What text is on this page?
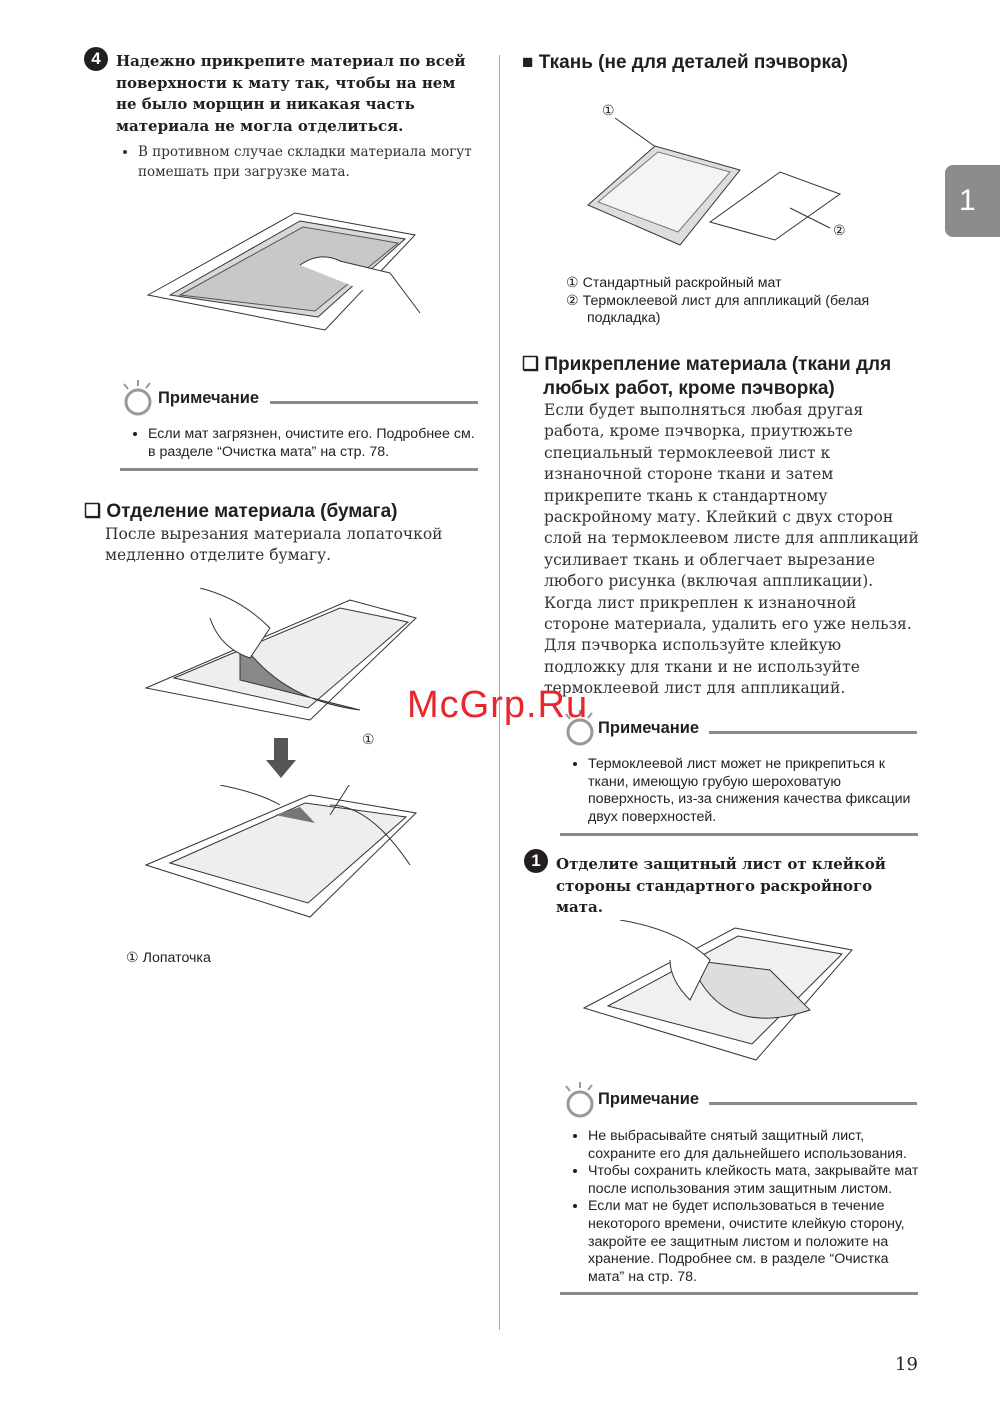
4	Надежно прикрепите материал по всей поверхности к мату так, чтобы на нем не было морщин и никакая часть материала не могла отделиться.
• В противном случае складки материала могут помешать при загрузке мата.
Примечание
• Если мат загрязнен, очистите его. Подробнее см. в разделе “Очистка мата” на стр. 78.
❑ Отделение материала (бумага)
После вырезания материала лопаточкой медленно отделите бумагу.
①
① Лопаточка
■ Ткань (не для деталей пэчворка)
①
②
① Стандартный раскройный мат
② Термоклеевой лист для аппликаций (белая подкладка)
❑ Прикрепление материала (ткани для любых работ, кроме пэчворка)
Если будет выполняться любая другая работа, кроме пэчворка, приутюжьте специальный термоклеевой лист к изнаночной стороне ткани и затем прикрепите ткань к стандартному раскройному мату. Клейкий с двух сторон слой на термоклеевом листе для аппликаций усиливает ткань и облегчает вырезание любого рисунка (включая аппликации). Когда лист прикреплен к изнаночной стороне материала, удалить его уже нельзя. Для пэчворка используйте клейкую подложку для ткани и не используйте термоклеевой лист для аппликаций.
Примечание
• Термоклеевой лист может не прикрепиться к ткани, имеющую грубую шероховатую поверхность, из-за снижения качества фиксации двух поверхностей.
1	Отделите защитный лист от клейкой стороны стандартного раскройного мата.
Примечание
• Не выбрасывайте снятый защитный лист, сохраните его для дальнейшего использования.
• Чтобы сохранить клейкость мата, закрывайте мат после использования этим защитным листом.
• Если мат не будет использоваться в течение некоторого времени, очистите клейкую сторону, закройте ее защитным листом и положите на хранение. Подробнее см. в разделе “Очистка мата” на стр. 78.
1
19
McGrp.Ru
